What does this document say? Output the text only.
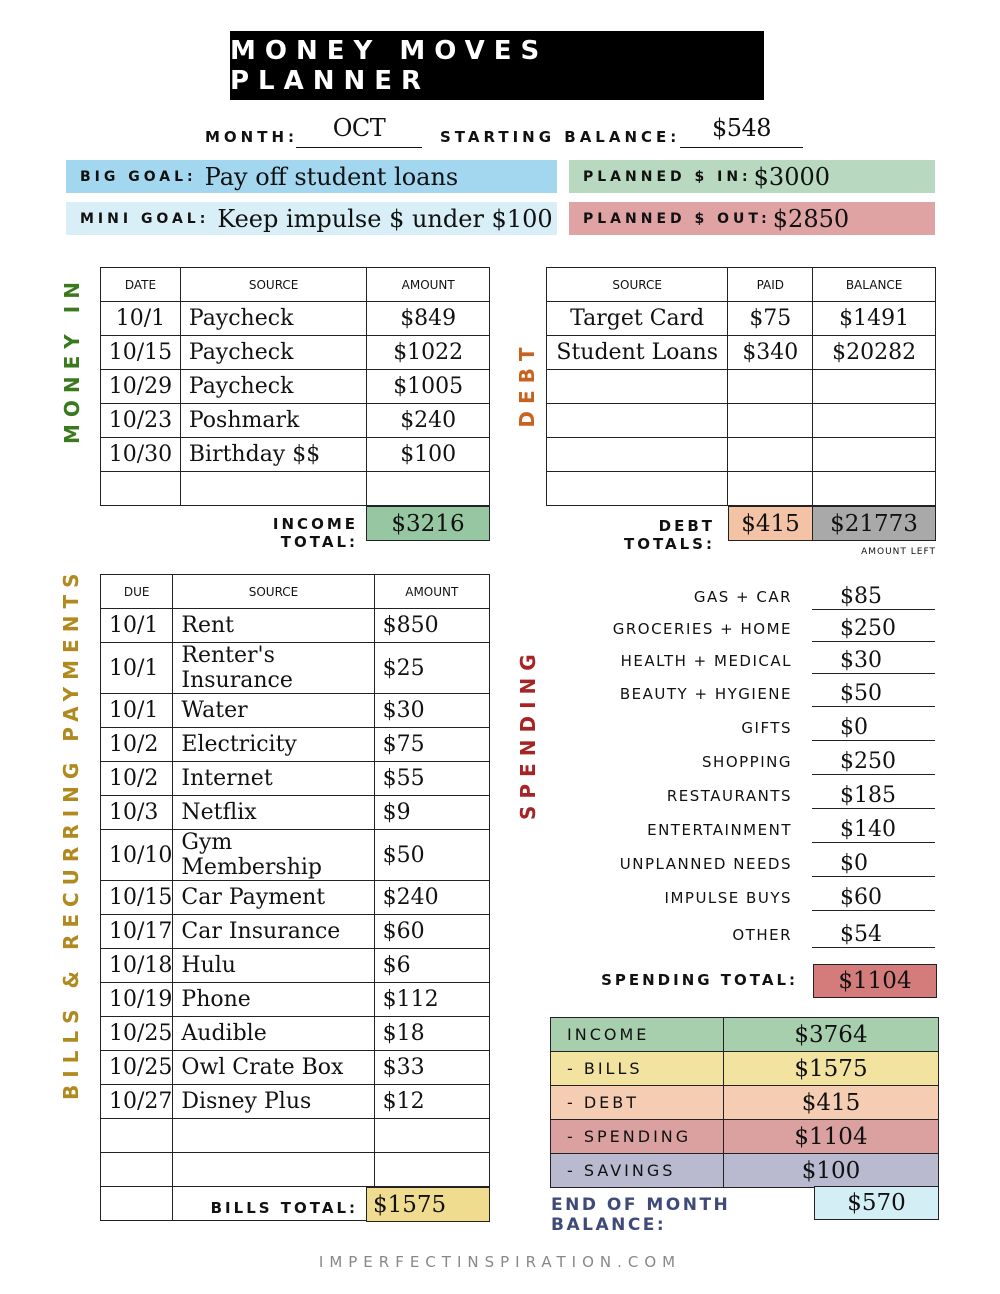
MONEY MOVES PLANNER
MONTH:	OCT	STARTING BALANCE:	$548
BIG GOAL: Pay off student loans
MINI GOAL: Keep impulse $ under $100
PLANNED $ IN: $3000
PLANNED $ OUT: $2850
MONEY IN	DATE	SOURCE	AMOUNT
10/1	Paycheck	$849
10/15	Paycheck	$1022
10/29	Paycheck	$1005
10/23	Poshmark	$240
10/30	Birthday $$	$100

INCOME TOTAL:
$3216
DEBT
SOURCE	PAID	BALANCE
Target Card	$75	$1491
Student Loans	$340	$20282

DEBT TOTALS:
$415	$21773
AMOUNT LEFT
BILLS & RECURRING PAYMENTS	DUE	SOURCE	AMOUNT
10/1	Rent	$850
10/1	Renter's Insurance	$25
10/1	Water	$30
10/2	Electricity	$75
10/2	Internet	$55
10/3	Netflix	$9
10/10	Gym Membership	$50
10/15	Car Payment	$240
10/17	Car Insurance	$60
10/18	Hulu	$6
10/19	Phone	$112
10/25	Audible	$18
10/25	Owl Crate Box	$33
10/27	Disney Plus	$12

BILLS TOTAL: $1575
SPENDING
GAS + CAR	$85
GROCERIES + HOME	$250
HEALTH + MEDICAL	$30
BEAUTY + HYGIENE	$50
GIFTS	$0
SHOPPING	$250
RESTAURANTS	$185
ENTERTAINMENT	$140
UNPLANNED NEEDS	$0
IMPULSE BUYS	$60
OTHER	$54
SPENDING TOTAL:	$1104
INCOME	$3764
- BILLS	$1575
- DEBT	$415
- SPENDING	$1104
- SAVINGS	$100
END OF MONTH BALANCE:
$570
IMPERFECTINSPIRATION.COM
